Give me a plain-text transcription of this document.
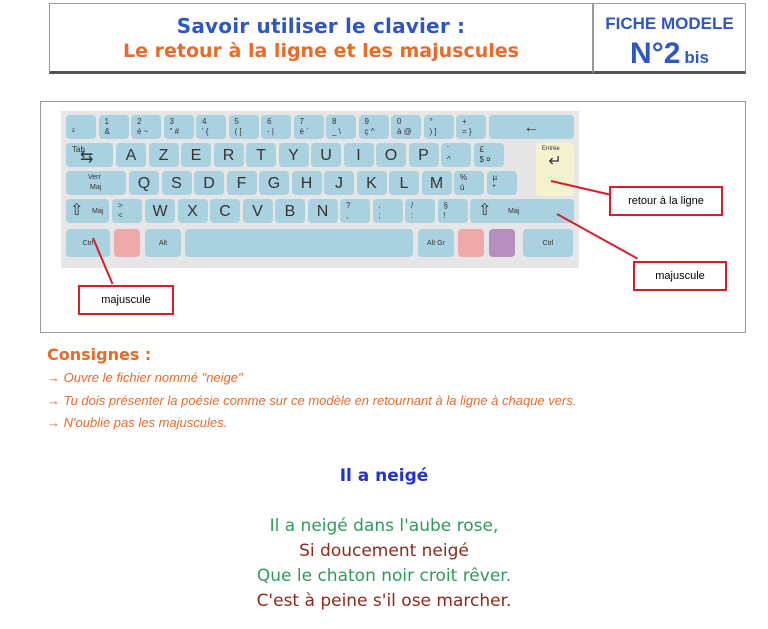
Savoir utiliser le clavier :
Le retour à la ligne et les majuscules
FICHE MODELE
N°2 bis
²
1
&
2
é ~
3
" #
4
' {
5
( [
6
- |
7
è `
8
_ \
9
ç ^
0
à @
°
) ]
+
= }	←
Tab
⇆	A	Z	E	R	T	Y	U	I	O	P	¨
^
£
$ ¤
Entrée
↵
Verr
Maj	Q	S	D	F	G	H	J	K	L	M	%
ù
µ
*
⇧ Maj
>
<	W	X	C	V	B	N	?
,
.
;
/
:
§
! ⇧ Maj
Ctrl	Alt	Alt Gr	Ctrl
retour à la ligne
majuscule
majuscule
Consignes :
→ Ouvre le fichier nommé "neige"
→ Tu dois présenter la poésie comme sur ce modèle en retournant à la ligne à chaque vers.
→ N'oublie pas les majuscules.
Il a neigé
Il a neigé dans l'aube rose,
Si doucement neigé
Que le chaton noir croit rêver.
C'est à peine s'il ose marcher.
